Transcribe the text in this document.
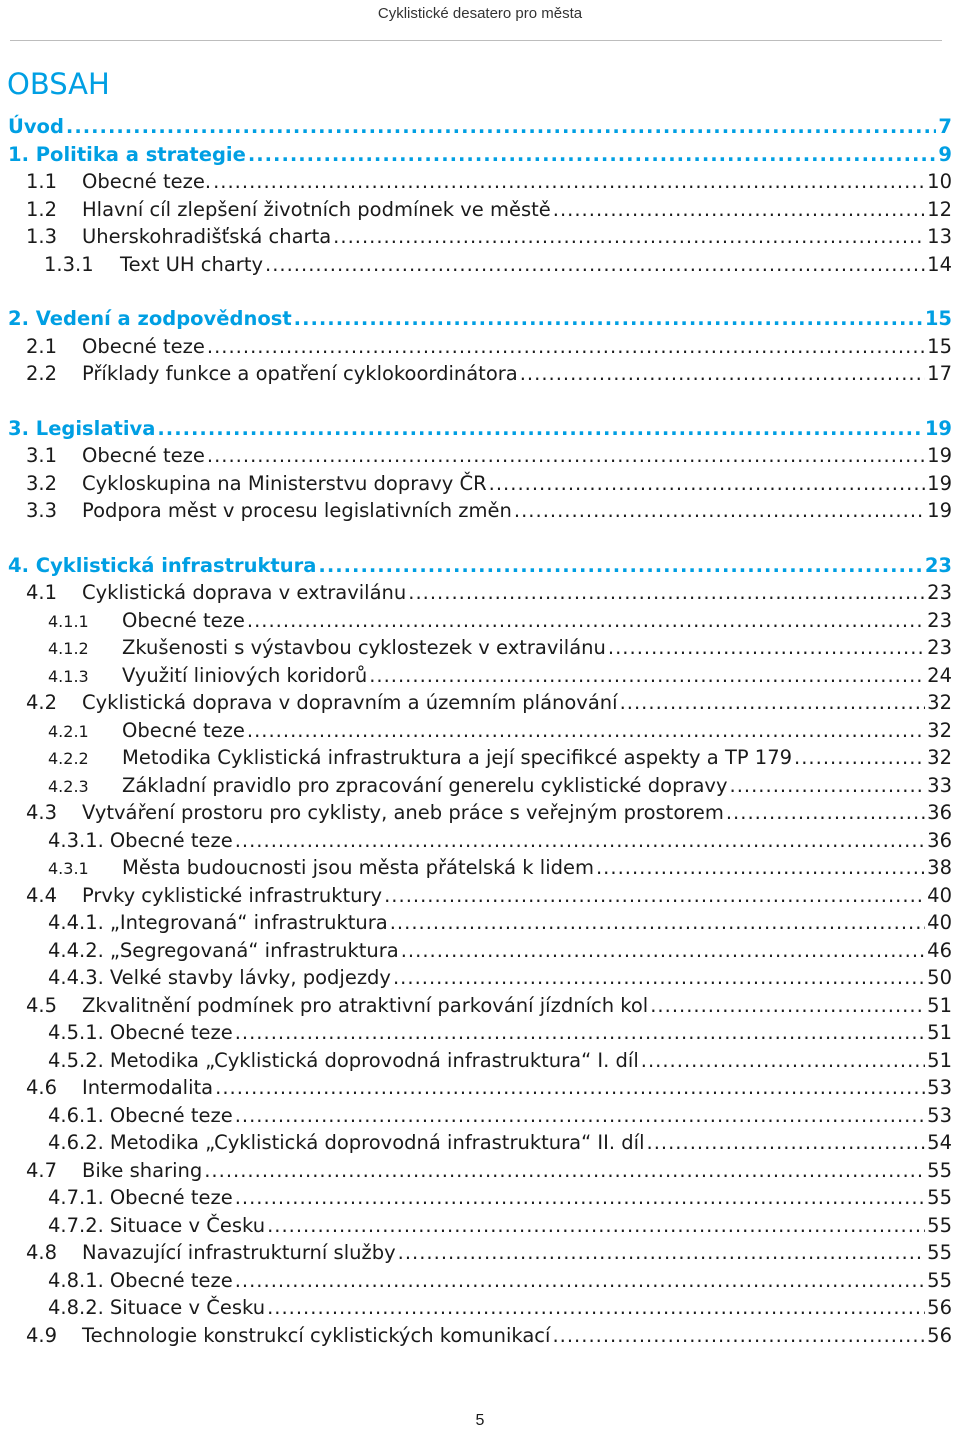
Cyklistické desatero pro města
OBSAH
Úvod .....	7
1. Politika a strategie .....	9
1.1	Obecné teze. .....	10
1.2	Hlavní cíl zlepšení životních podmínek ve městě .....	12
1.3	Uherskohradišťská charta .....	13
1.3.1	Text UH charty .....	14
2. Vedení a zodpovědnost .....	15
2.1	Obecné teze .....	15
2.2	Příklady funkce a opatření cyklokoordinátora .....	17
3. Legislativa .....	19
3.1	Obecné teze .....	19
3.2	Cykloskupina na Ministerstvu dopravy ČR .....	19
3.3	Podpora měst v procesu legislativních změn .....	19
4. Cyklistická infrastruktura .....	23
4.1	Cyklistická doprava v extravilánu .....	23
4.1.1	Obecné teze .....	23
4.1.2	Zkušenosti s výstavbou cyklostezek v extravilánu .....	23
4.1.3	Využití liniových koridorů .....	24
4.2	Cyklistická doprava v dopravním a územním plánování .....	32
4.2.1	Obecné teze .....	32
4.2.2	Metodika Cyklistická infrastruktura a její specifikcé aspekty a TP 179 .....	32
4.2.3	Základní pravidlo pro zpracování generelu cyklistické dopravy .....	33
4.3	Vytváření prostoru pro cyklisty, aneb práce s veřejným prostorem .....	36
4.3.1. Obecné teze .....	36
4.3.1	Města budoucnosti jsou města přátelská k lidem .....	38
4.4	Prvky cyklistické infrastruktury .....	40
4.4.1. „Integrovaná“ infrastruktura .....	40
4.4.2. „Segregovaná“ infrastruktura .....	46
4.4.3. Velké stavby lávky, podjezdy .....	50
4.5	Zkvalitnění podmínek pro atraktivní parkování jízdních kol .....	51
4.5.1. Obecné teze .....	51
4.5.2. Metodika „Cyklistická doprovodná infrastruktura“ I. díl .....	51
4.6	Intermodalita .....	53
4.6.1. Obecné teze .....	53
4.6.2. Metodika „Cyklistická doprovodná infrastruktura“ II. díl .....	54
4.7	Bike sharing .....	55
4.7.1. Obecné teze .....	55
4.7.2. Situace v Česku .....	55
4.8	Navazující infrastrukturní služby .....	55
4.8.1. Obecné teze .....	55
4.8.2. Situace v Česku .....	56
4.9	Technologie konstrukcí cyklistických komunikací .....	56
5
